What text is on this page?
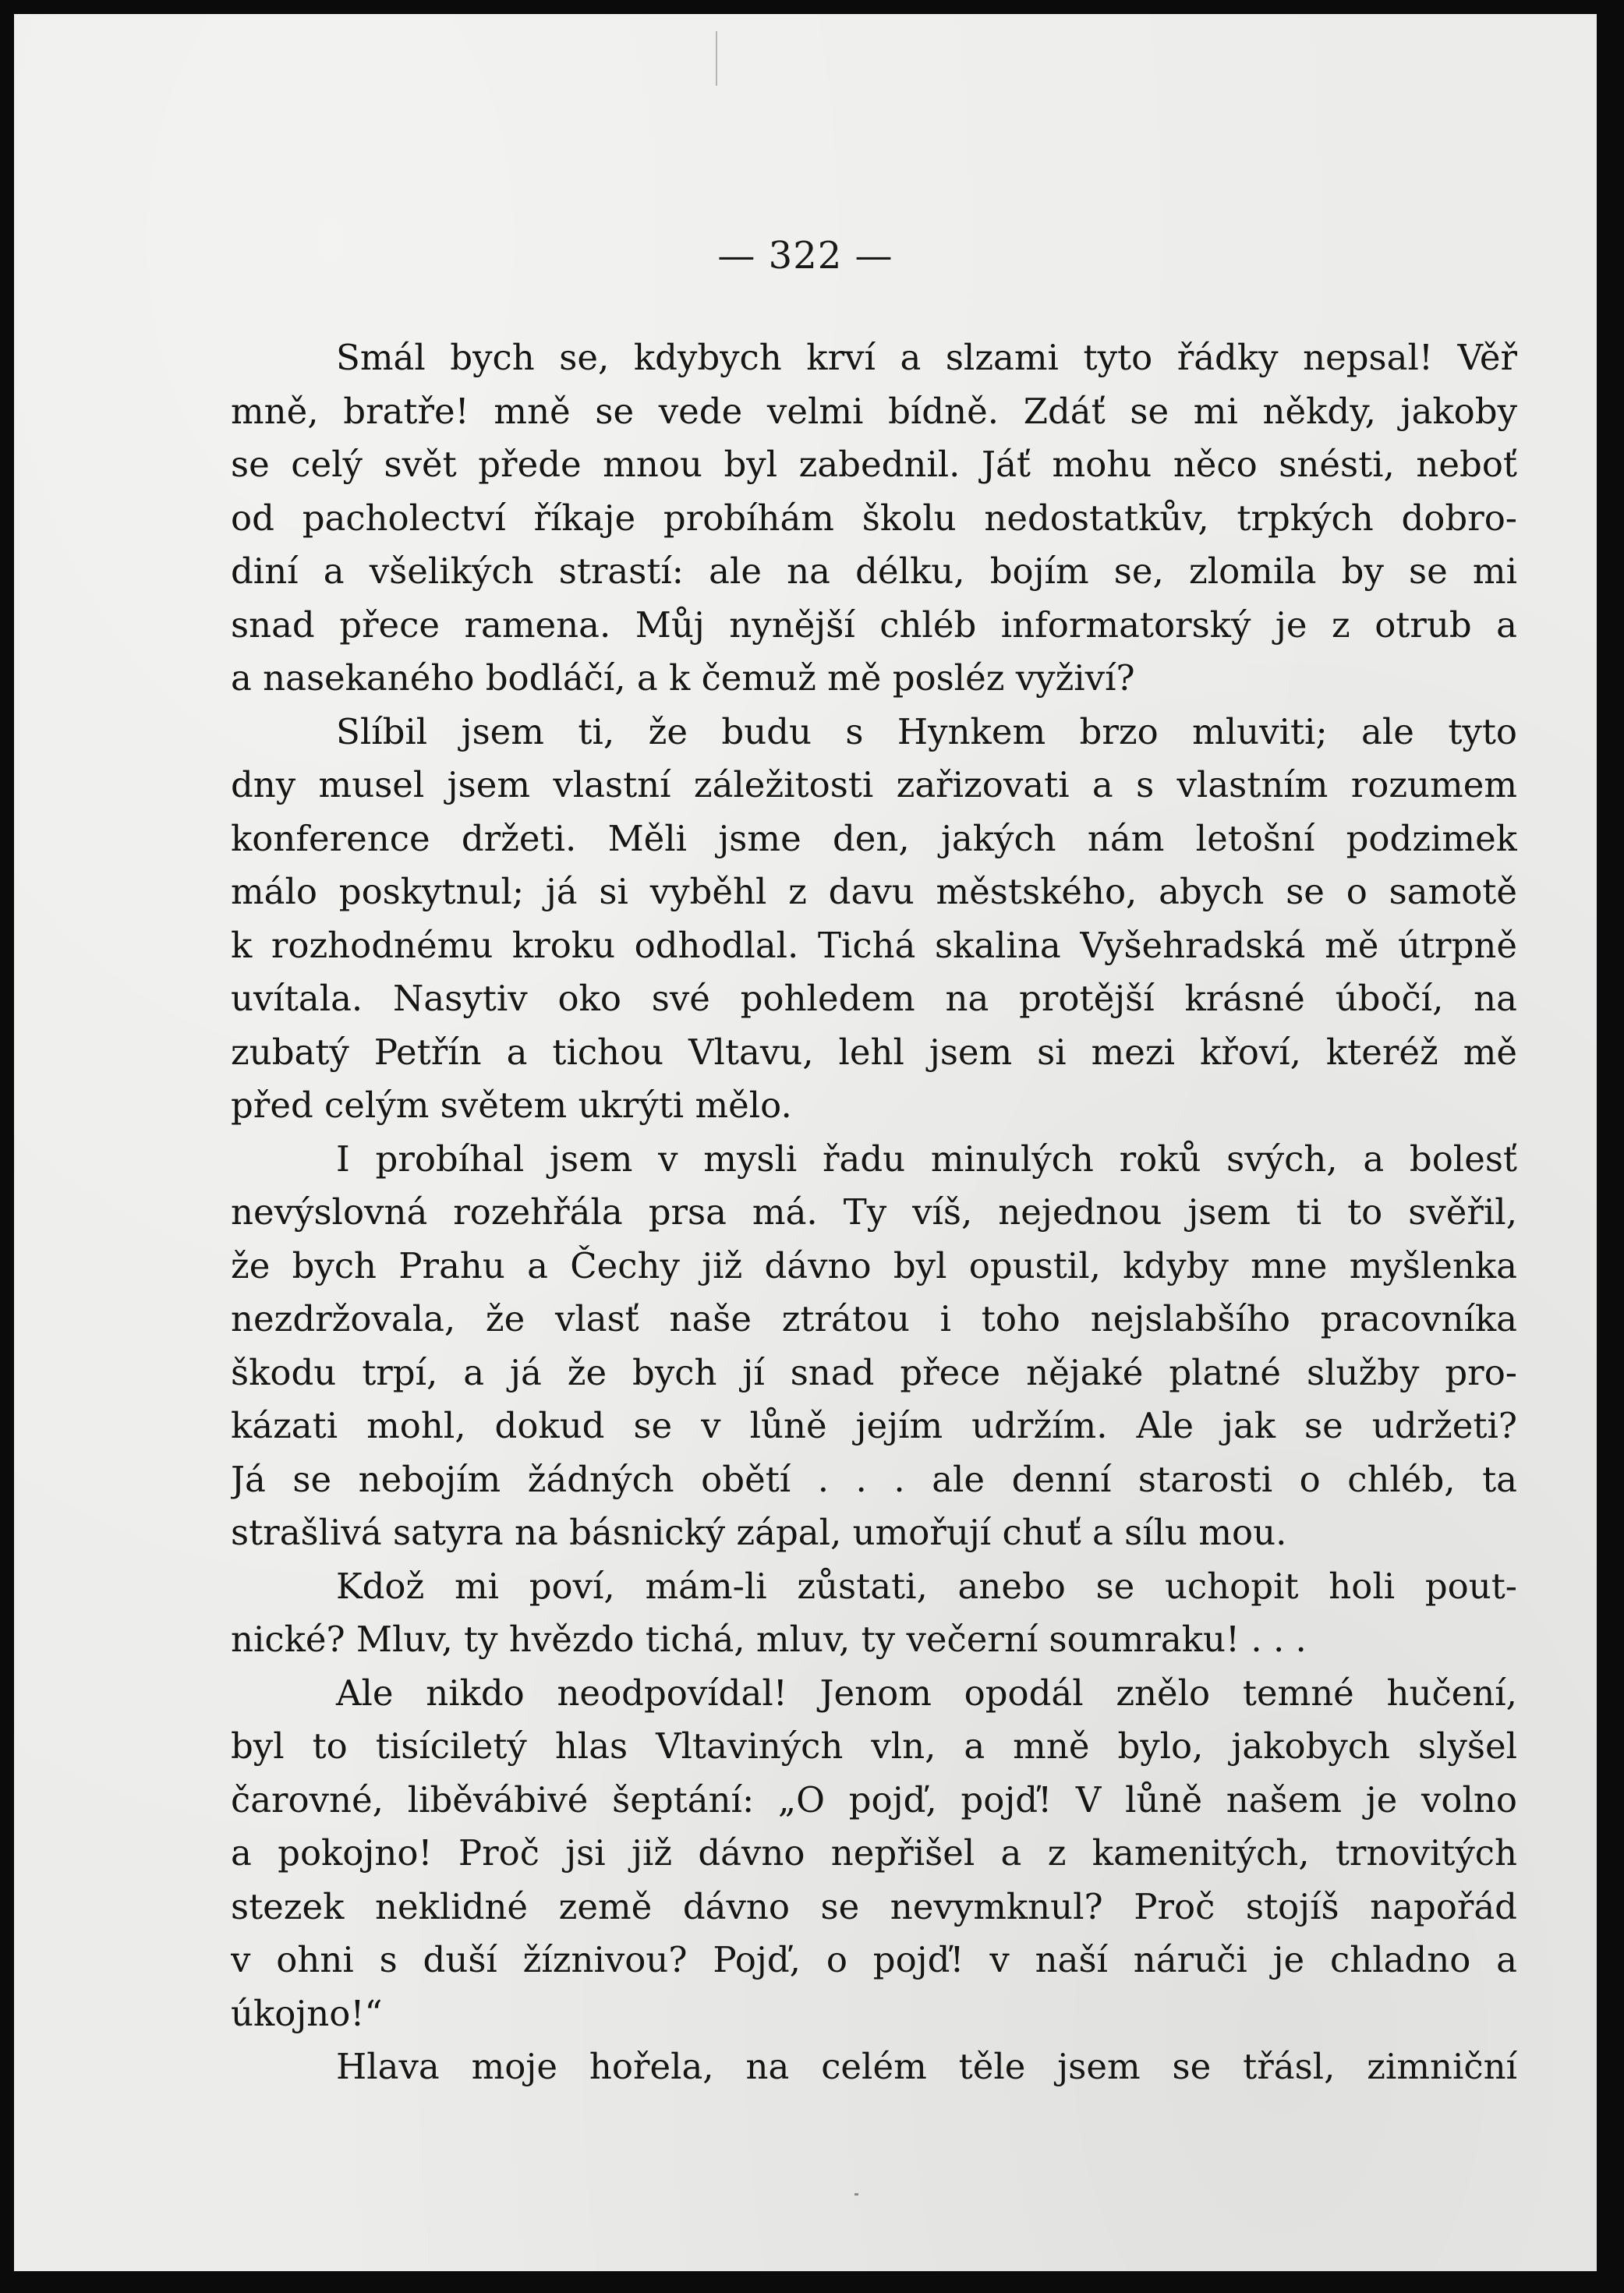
— 322 —
Smál bych se, kdybych krví a slzami tyto řádky nepsal! Věř
mně, bratře! mně se vede velmi bídně. Zdáť se mi někdy, jakoby
se celý svět přede mnou byl zabednil. Jáť mohu něco snésti, neboť
od pacholectví říkaje probíhám školu nedostatkův, trpkých dobro-
diní a všelikých strastí: ale na délku, bojím se, zlomila by se mi
snad přece ramena. Můj nynější chléb informatorský je z otrub a
a nasekaného bodláčí, a k čemuž mě posléz vyživí?
Slíbil jsem ti, že budu s Hynkem brzo mluviti; ale tyto
dny musel jsem vlastní záležitosti zařizovati a s vlastním rozumem
konference držeti. Měli jsme den, jakých nám letošní podzimek
málo poskytnul; já si vyběhl z davu městského, abych se o samotě
k rozhodnému kroku odhodlal. Tichá skalina Vyšehradská mě útrpně
uvítala. Nasytiv oko své pohledem na protější krásné úbočí, na
zubatý Petřín a tichou Vltavu, lehl jsem si mezi křoví, kteréž mě
před celým světem ukrýti mělo.
I probíhal jsem v mysli řadu minulých roků svých, a bolesť
nevýslovná rozehřála prsa má. Ty víš, nejednou jsem ti to svěřil,
že bych Prahu a Čechy již dávno byl opustil, kdyby mne myšlenka
nezdržovala, že vlasť naše ztrátou i toho nejslabšího pracovníka
škodu trpí, a já že bych jí snad přece nějaké platné služby pro-
kázati mohl, dokud se v lůně jejím udržím. Ale jak se udržeti?
Já se nebojím žádných obětí . . . ale denní starosti o chléb, ta
strašlivá satyra na básnický zápal, umořují chuť a sílu mou.
Kdož mi poví, mám-li zůstati, anebo se uchopit holi pout-
nické? Mluv, ty hvězdo tichá, mluv, ty večerní soumraku! . . .
Ale nikdo neodpovídal! Jenom opodál znělo temné hučení,
byl to tisíciletý hlas Vltaviných vln, a mně bylo, jakobych slyšel
čarovné, liběvábivé šeptání: „O pojď, pojď! V lůně našem je volno
a pokojno! Proč jsi již dávno nepřišel a z kamenitých, trnovitých
stezek neklidné země dávno se nevymknul? Proč stojíš napořád
v ohni s duší žíznivou? Pojď, o pojď! v naší náruči je chladno a
úkojno!“
Hlava moje hořela, na celém těle jsem se třásl, zimniční
